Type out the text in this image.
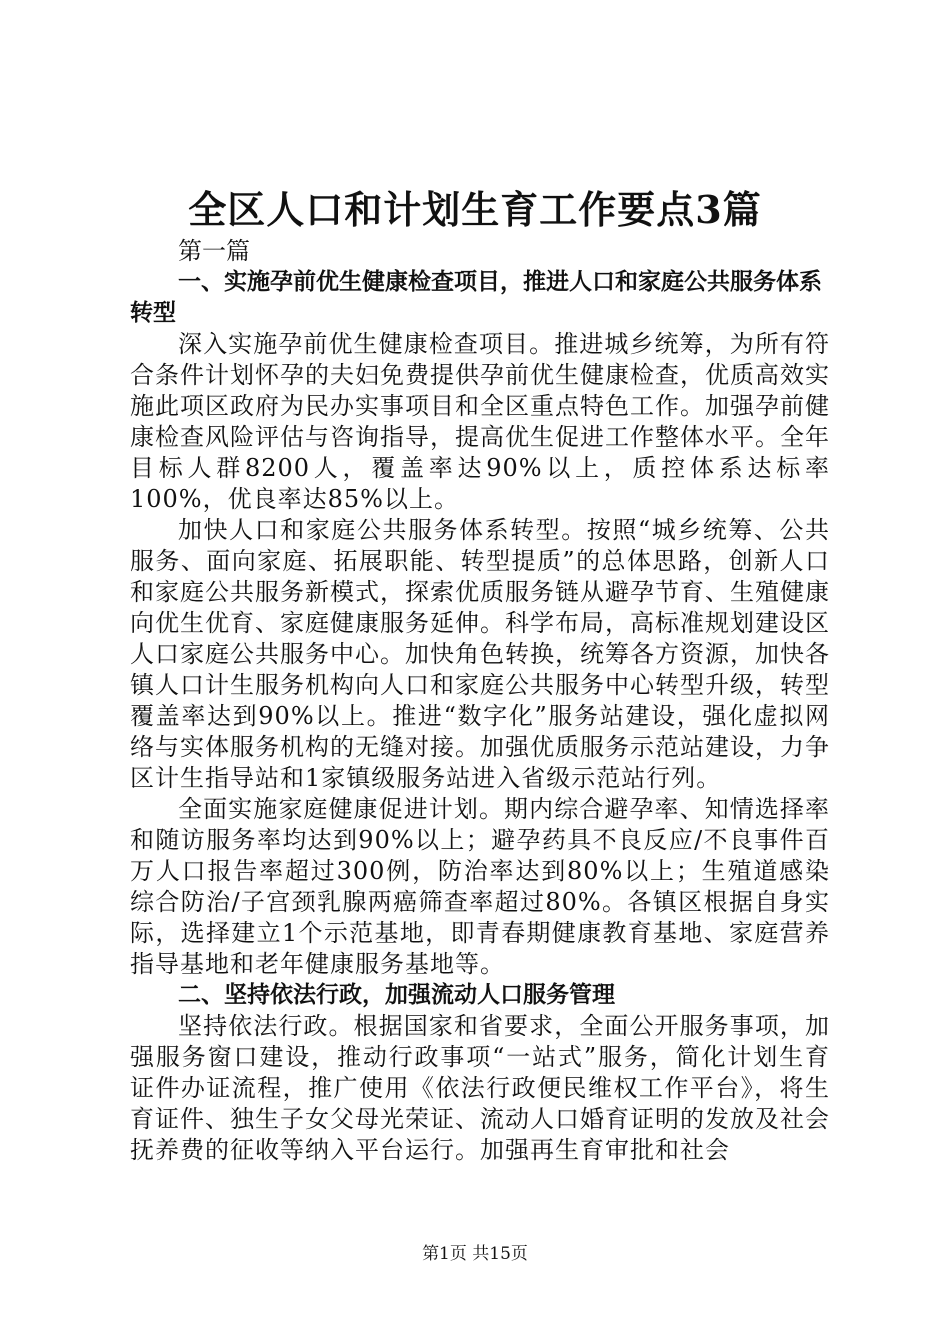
全区人口和计划生育工作要点3篇

第一篇

一、实施孕前优生健康检查项目，推进人口和家庭公共服务体系转型

深入实施孕前优生健康检查项目。推进城乡统筹，为所有符合条件计划怀孕的夫妇免费提供孕前优生健康检查，优质高效实施此项区政府为民办实事项目和全区重点特色工作。加强孕前健康检查风险评估与咨询指导，提高优生促进工作整体水平。全年目标人群8200人，覆盖率达90%以上，质控体系达标率100%，优良率达85%以上。

加快人口和家庭公共服务体系转型。按照“城乡统筹、公共服务、面向家庭、拓展职能、转型提质”的总体思路，创新人口和家庭公共服务新模式，探索优质服务链从避孕节育、生殖健康向优生优育、家庭健康服务延伸。科学布局，高标准规划建设区人口家庭公共服务中心。加快角色转换，统筹各方资源，加快各镇人口计生服务机构向人口和家庭公共服务中心转型升级，转型覆盖率达到90%以上。推进“数字化”服务站建设，强化虚拟网络与实体服务机构的无缝对接。加强优质服务示范站建设，力争区计生指导站和1家镇级服务站进入省级示范站行列。

全面实施家庭健康促进计划。期内综合避孕率、知情选择率和随访服务率均达到90%以上；避孕药具不良反应/不良事件百万人口报告率超过300例，防治率达到80%以上；生殖道感染综合防治/子宫颈乳腺两癌筛查率超过80%。各镇区根据自身实际，选择建立1个示范基地，即青春期健康教育基地、家庭营养指导基地和老年健康服务基地等。

二、坚持依法行政，加强流动人口服务管理

坚持依法行政。根据国家和省要求，全面公开服务事项，加强服务窗口建设，推动行政事项“一站式”服务，简化计划生育证件办证流程，推广使用《依法行政便民维权工作平台》，将生育证件、独生子女父母光荣证、流动人口婚育证明的发放及社会抚养费的征收等纳入平台运行。加强再生育审批和社会

第1页 共15页
